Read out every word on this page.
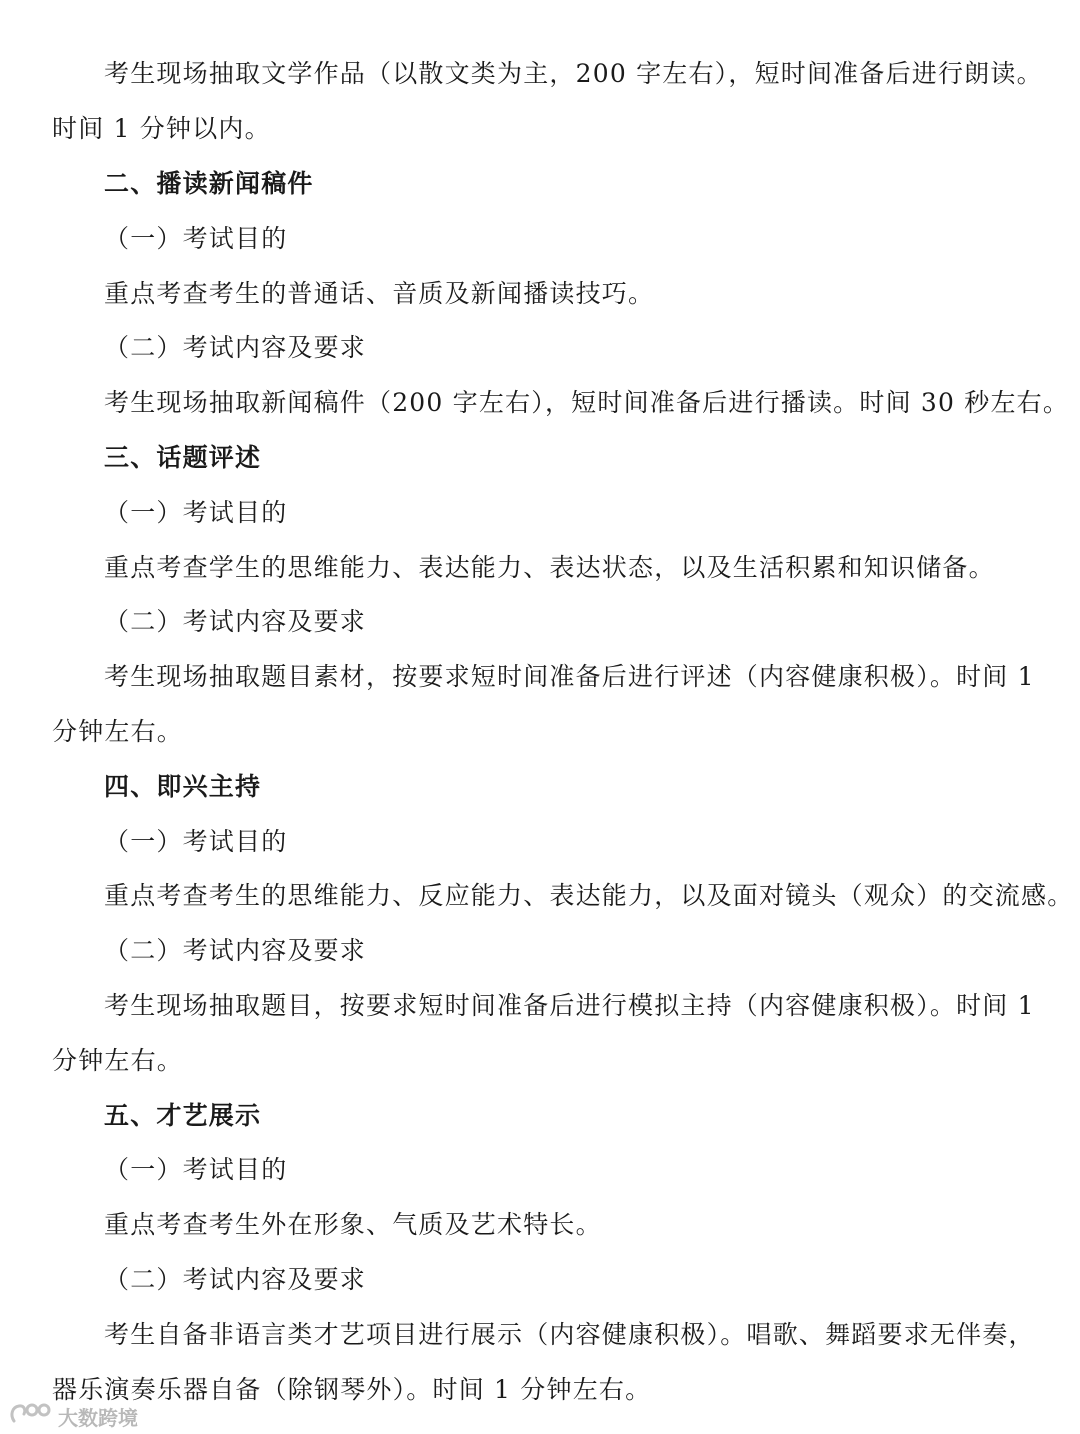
考生现场抽取文学作品（以散文类为主，200 字左右），短时间准备后进行朗读。
时间 1 分钟以内。
二、播读新闻稿件
（一）考试目的
重点考查考生的普通话、音质及新闻播读技巧。
（二）考试内容及要求
考生现场抽取新闻稿件（200 字左右），短时间准备后进行播读。时间 30 秒左右。
三、话题评述
（一）考试目的
重点考查学生的思维能力、表达能力、表达状态，以及生活积累和知识储备。
（二）考试内容及要求
考生现场抽取题目素材，按要求短时间准备后进行评述（内容健康积极）。时间 1
分钟左右。
四、即兴主持
（一）考试目的
重点考查考生的思维能力、反应能力、表达能力，以及面对镜头（观众）的交流感。
（二）考试内容及要求
考生现场抽取题目，按要求短时间准备后进行模拟主持（内容健康积极）。时间 1
分钟左右。
五、才艺展示
（一）考试目的
重点考查考生外在形象、气质及艺术特长。
（二）考试内容及要求
考生自备非语言类才艺项目进行展示（内容健康积极）。唱歌、舞蹈要求无伴奏，
器乐演奏乐器自备（除钢琴外）。时间 1 分钟左右。
大数跨境
